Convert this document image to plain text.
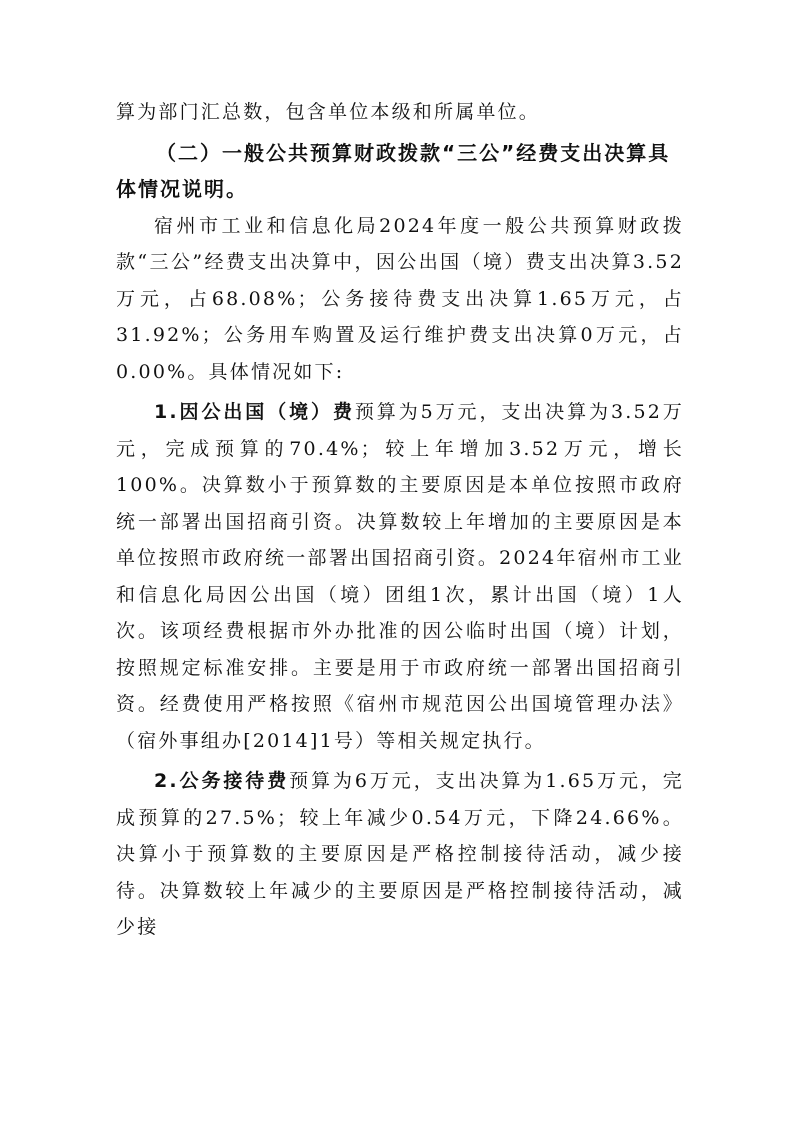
算为部门汇总数，包含单位本级和所属单位。

（二）一般公共预算财政拨款“三公”经费支出决算具体情况说明。

宿州市工业和信息化局2024年度一般公共预算财政拨款“三公”经费支出决算中，因公出国（境）费支出决算3.52万元，占68.08%；公务接待费支出决算1.65万元，占31.92%；公务用车购置及运行维护费支出决算0万元，占0.00%。具体情况如下:

1.因公出国（境）费预算为5万元，支出决算为3.52万元，完成预算的70.4%；较上年增加3.52万元，增长100%。决算数小于预算数的主要原因是本单位按照市政府统一部署出国招商引资。决算数较上年增加的主要原因是本单位按照市政府统一部署出国招商引资。2024年宿州市工业和信息化局因公出国（境）团组1次，累计出国（境）1人次。该项经费根据市外办批准的因公临时出国（境）计划，按照规定标准安排。主要是用于市政府统一部署出国招商引资。经费使用严格按照《宿州市规范因公出国境管理办法》（宿外事组办[2014]1号）等相关规定执行。

2.公务接待费预算为6万元，支出决算为1.65万元，完成预算的27.5%；较上年减少0.54万元，下降24.66%。决算小于预算数的主要原因是严格控制接待活动，减少接待。决算数较上年减少的主要原因是严格控制接待活动，减少接
